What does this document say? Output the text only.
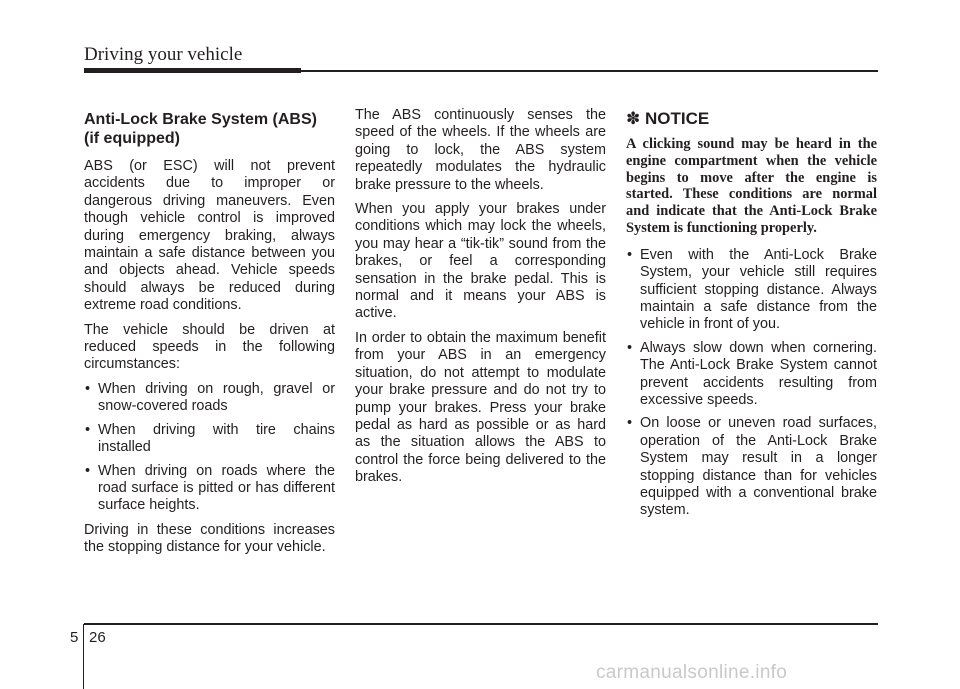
Driving your vehicle
Anti-Lock Brake System (ABS) (if equipped)

ABS (or ESC) will not prevent accidents due to improper or dangerous driving maneuvers. Even though vehicle control is improved during emergency braking, always maintain a safe distance between you and objects ahead. Vehicle speeds should always be reduced during extreme road conditions.

The vehicle should be driven at reduced speeds in the following circumstances:

• When driving on rough, gravel or snow-covered roads
• When driving with tire chains installed
• When driving on roads where the road surface is pitted or has different surface heights.

Driving in these conditions increases the stopping distance for your vehicle.

The ABS continuously senses the speed of the wheels. If the wheels are going to lock, the ABS system repeatedly modulates the hydraulic brake pressure to the wheels.

When you apply your brakes under conditions which may lock the wheels, you may hear a “tik-tik” sound from the brakes, or feel a corresponding sensation in the brake pedal. This is normal and it means your ABS is active.

In order to obtain the maximum benefit from your ABS in an emergency situation, do not attempt to modulate your brake pressure and do not try to pump your brakes. Press your brake pedal as hard as possible or as hard as the situation allows the ABS to control the force being delivered to the brakes.

✽ NOTICE
A clicking sound may be heard in the engine compartment when the vehicle begins to move after the engine is started. These conditions are normal and indicate that the Anti-Lock Brake System is functioning properly.
• Even with the Anti-Lock Brake System, your vehicle still requires sufficient stopping distance. Always maintain a safe distance from the vehicle in front of you.
• Always slow down when cornering. The Anti-Lock Brake System cannot prevent accidents resulting from excessive speeds.
• On loose or uneven road surfaces, operation of the Anti-Lock Brake System may result in a longer stopping distance than for vehicles equipped with a conventional brake system.
5 26
carmanualsonline.info
